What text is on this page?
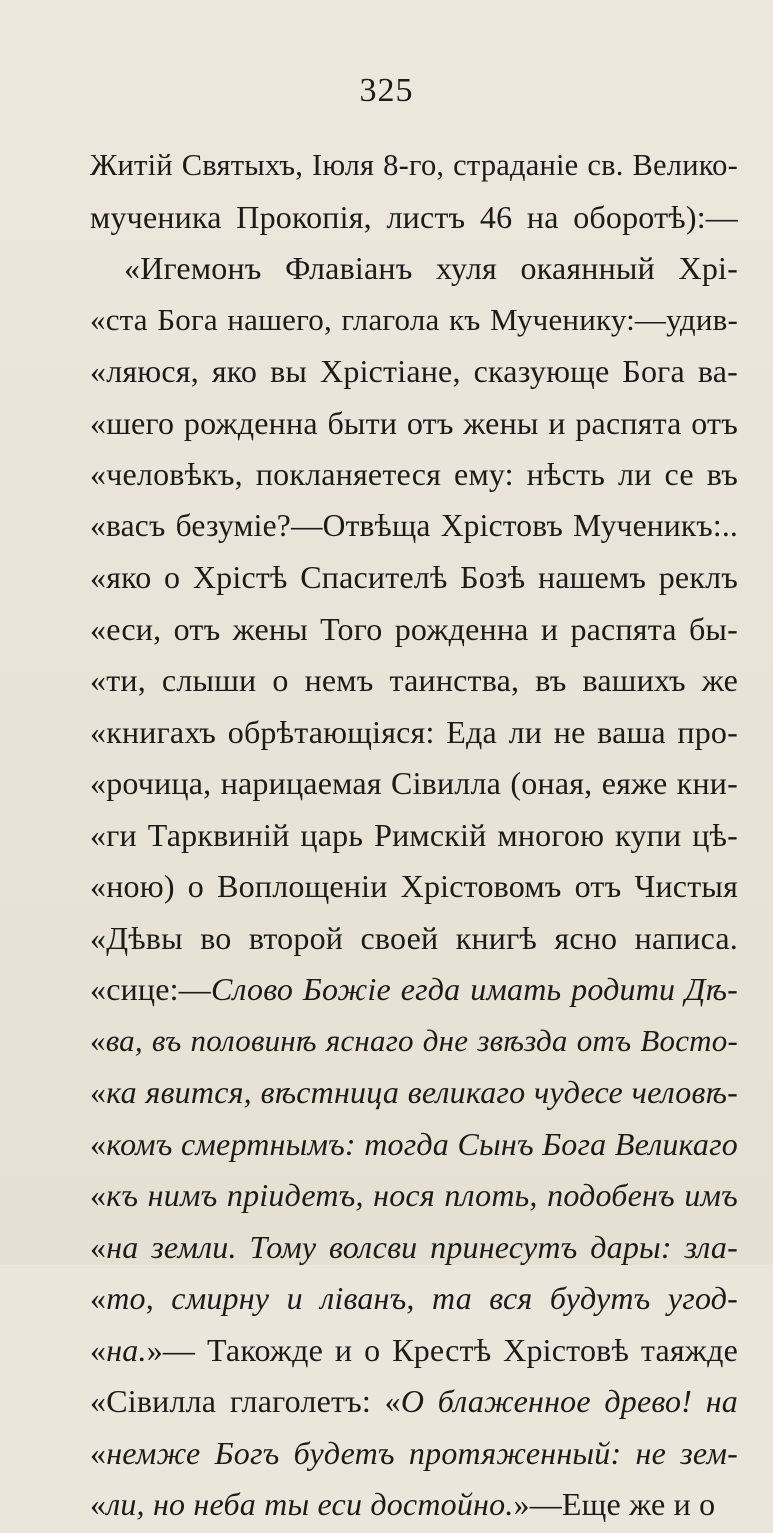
325
Житій Святыхъ, Іюля 8-го, страданіе св. Велико-
мученика Прокопія, листъ 46 на оборотѣ):—
«Игемонъ Флавіанъ хуля окаянный Хрі-
«ста Бога нашего, глагола къ Мученику:—удив-
«ляюся, яко вы Хрістіане, сказующе Бога ва-
«шего рожденна быти отъ жены и распята отъ
«человѣкъ, покланяетеся ему: нѣсть ли се въ
«васъ безуміе?—Отвѣща Хрістовъ Мученикъ:..
«яко о Хрістѣ Спасителѣ Бозѣ нашемъ реклъ
«еси, отъ жены Того рожденна и распята бы-
«ти, слыши о немъ таинства, въ вашихъ же
«книгахъ обрѣтающіяся: Еда ли не ваша про-
«рочица, нарицаемая Сівилла (оная, еяже кни-
«ги Тарквиній царь Римскій многою купи цѣ-
«ною) о Воплощеніи Хрістовомъ отъ Чистыя
«Дѣвы во второй своей книгѣ ясно написа.
«сице:—Слово Божіе егда имать родити Дѣ-
«ва, въ половинѣ яснаго дне звѣзда отъ Восто-
«ка явится, вѣстница великаго чудесе человѣ-
«комъ смертнымъ: тогда Сынъ Бога Великаго
«къ нимъ пріидетъ, нося плоть, подобенъ имъ
«на земли. Тому волсви принесутъ дары: зла-
«то, смирну и ліванъ, та вся будутъ угод-
«на.»— Такожде и о Крестѣ Хрістовѣ таяжде
«Сівилла глаголетъ: «О блаженное древо! на
«немже Богъ будетъ протяженный: не зем-
«ли, но неба ты еси достойно.»—Еще же и о
